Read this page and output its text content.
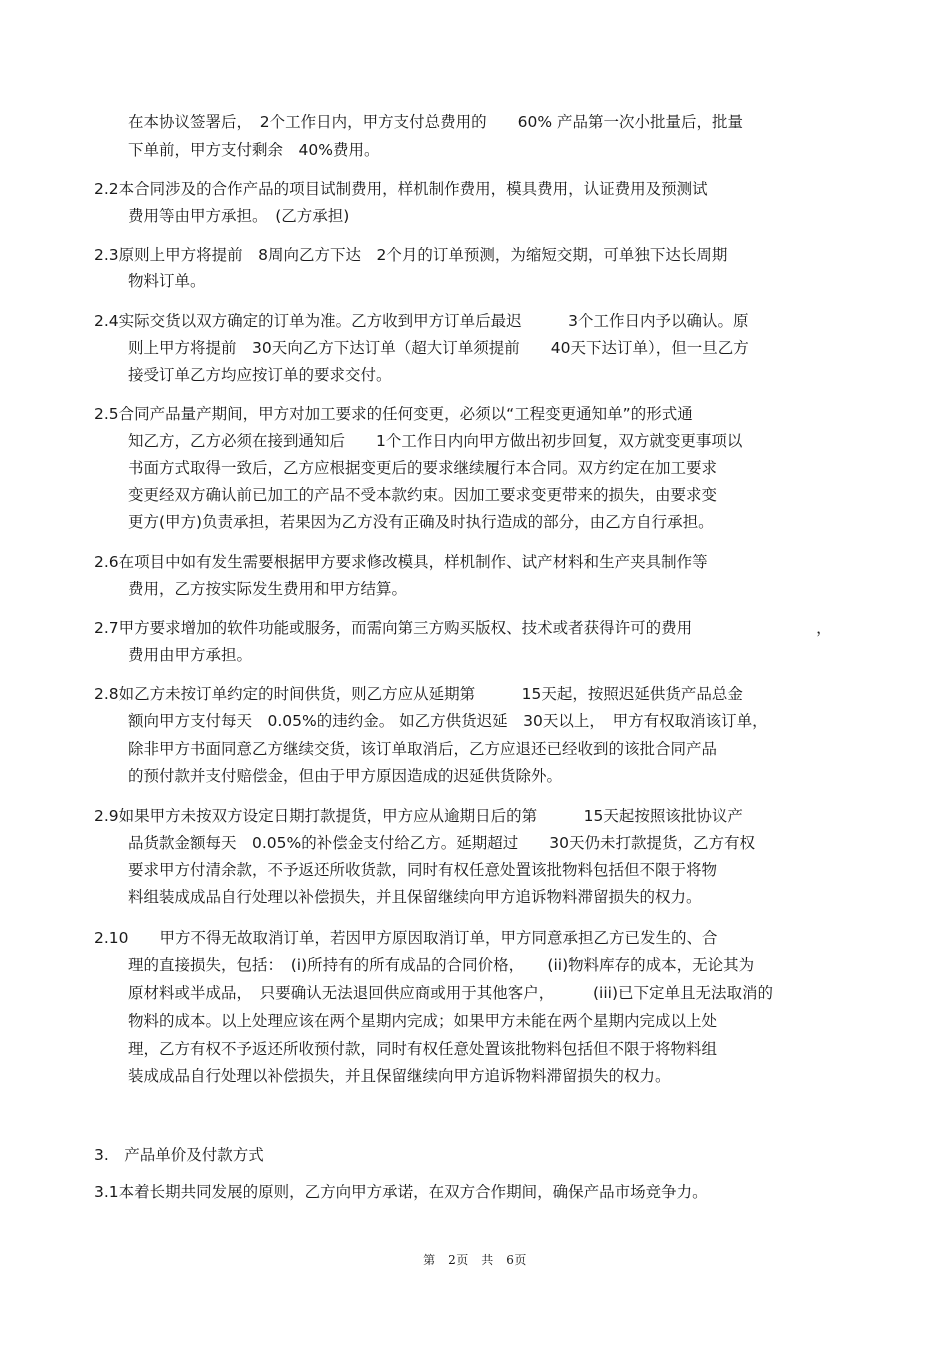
在本协议签署后，　2个工作日内，甲方支付总费用的　　60% 产品第一次小批量后，批量
下单前，甲方支付剩余　40%费用。
2.2本合同涉及的合作产品的项目试制费用，样机制作费用，模具费用，认证费用及预测试
费用等由甲方承担。　(乙方承担)
2.3原则上甲方将提前　8周向乙方下达　2个月的订单预测，为缩短交期，可单独下达长周期
物料订单。
2.4实际交货以双方确定的订单为准。乙方收到甲方订单后最迟　　　3个工作日内予以确认。原
则上甲方将提前　30天向乙方下达订单（超大订单须提前　　40天下达订单），但一旦乙方
接受订单乙方均应按订单的要求交付。
2.5合同产品量产期间，甲方对加工要求的任何变更，必须以“工程变更通知单”的形式通
知乙方，乙方必须在接到通知后　　1个工作日内向甲方做出初步回复，双方就变更事项以
书面方式取得一致后，乙方应根据变更后的要求继续履行本合同。双方约定在加工要求
变更经双方确认前已加工的产品不受本款约束。因加工要求变更带来的损失，由要求变
更方(甲方)负责承担，若果因为乙方没有正确及时执行造成的部分，由乙方自行承担。
2.6在项目中如有发生需要根据甲方要求修改模具，样机制作、试产材料和生产夹具制作等
费用，乙方按实际发生费用和甲方结算。
2.7甲方要求增加的软件功能或服务，而需向第三方购买版权、技术或者获得许可的费用　　　　　　　　，
费用由甲方承担。
2.8如乙方未按订单约定的时间供货，则乙方应从延期第　　　15天起，按照迟延供货产品总金
额向甲方支付每天　0.05%的违约金。 如乙方供货迟延　30天以上，　甲方有权取消该订单，
除非甲方书面同意乙方继续交货，该订单取消后，乙方应退还已经收到的该批合同产品
的预付款并支付赔偿金，但由于甲方原因造成的迟延供货除外。
2.9如果甲方未按双方设定日期打款提货，甲方应从逾期日后的第　　　15天起按照该批协议产
品货款金额每天　0.05%的补偿金支付给乙方。延期超过　　30天仍未打款提货，乙方有权
要求甲方付清余款，不予返还所收货款，同时有权任意处置该批物料包括但不限于将物
料组装成成品自行处理以补偿损失，并且保留继续向甲方追诉物料滞留损失的权力。
2.10　　甲方不得无故取消订单，若因甲方原因取消订单，甲方同意承担乙方已发生的、合
理的直接损失，包括：　(i)所持有的所有成品的合同价格，　　(ii)物料库存的成本，无论其为
原材料或半成品，　只要确认无法退回供应商或用于其他客户，　　　(iii)已下定单且无法取消的
物料的成本。以上处理应该在两个星期内完成；如果甲方未能在两个星期内完成以上处
理，乙方有权不予返还所收预付款，同时有权任意处置该批物料包括但不限于将物料组
装成成品自行处理以补偿损失，并且保留继续向甲方追诉物料滞留损失的权力。
3.　产品单价及付款方式
3.1本着长期共同发展的原则，乙方向甲方承诺，在双方合作期间，确保产品市场竞争力。
第　2页　共　6页
